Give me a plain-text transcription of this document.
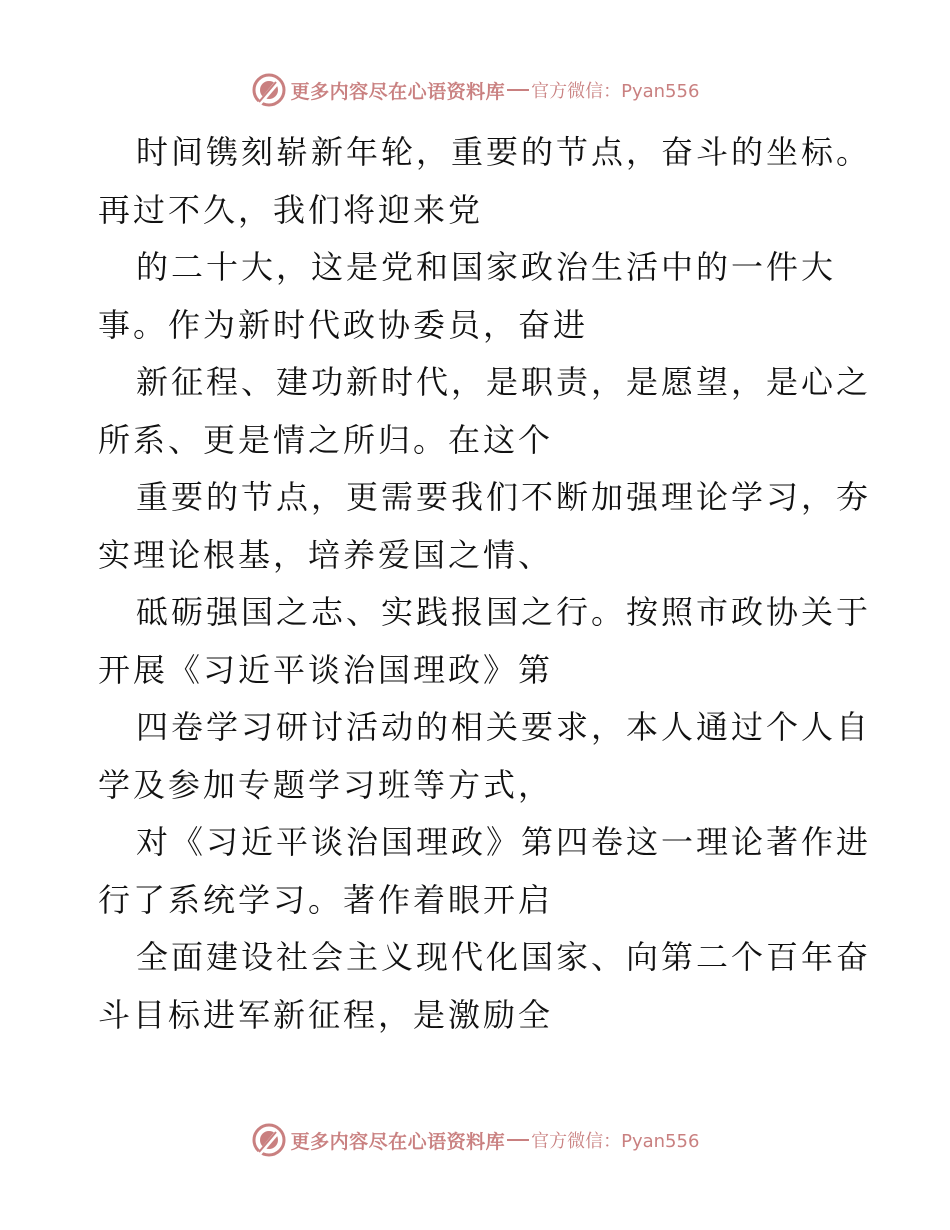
更多内容尽在心语资料库 官方微信：Pyan556

时间镌刻崭新年轮，重要的节点，奋斗的坐标。

再过不久，我们将迎来党

的二十大，这是党和国家政治生活中的一件大

事。作为新时代政协委员，奋进

新征程、建功新时代，是职责，是愿望，是心之

所系、更是情之所归。在这个

重要的节点，更需要我们不断加强理论学习，夯

实理论根基，培养爱国之情、

砥砺强国之志、实践报国之行。按照市政协关于

开展《习近平谈治国理政》第

四卷学习研讨活动的相关要求，本人通过个人自

学及参加专题学习班等方式，

对《习近平谈治国理政》第四卷这一理论著作进

行了系统学习。著作着眼开启

全面建设社会主义现代化国家、向第二个百年奋

斗目标进军新征程，是激励全

更多内容尽在心语资料库 官方微信：Pyan556
